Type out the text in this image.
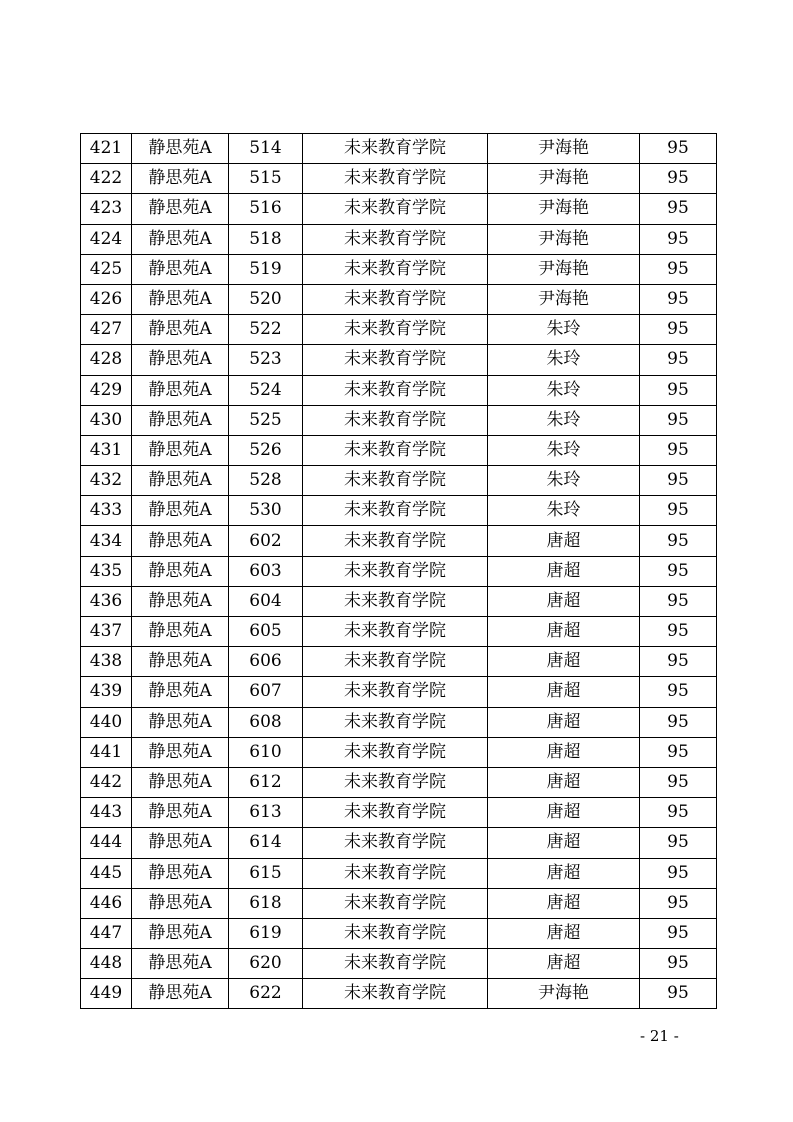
421	静思苑A	514	未来教育学院	尹海艳	95
422	静思苑A	515	未来教育学院	尹海艳	95
423	静思苑A	516	未来教育学院	尹海艳	95
424	静思苑A	518	未来教育学院	尹海艳	95
425	静思苑A	519	未来教育学院	尹海艳	95
426	静思苑A	520	未来教育学院	尹海艳	95
427	静思苑A	522	未来教育学院	朱玲	95
428	静思苑A	523	未来教育学院	朱玲	95
429	静思苑A	524	未来教育学院	朱玲	95
430	静思苑A	525	未来教育学院	朱玲	95
431	静思苑A	526	未来教育学院	朱玲	95
432	静思苑A	528	未来教育学院	朱玲	95
433	静思苑A	530	未来教育学院	朱玲	95
434	静思苑A	602	未来教育学院	唐超	95
435	静思苑A	603	未来教育学院	唐超	95
436	静思苑A	604	未来教育学院	唐超	95
437	静思苑A	605	未来教育学院	唐超	95
438	静思苑A	606	未来教育学院	唐超	95
439	静思苑A	607	未来教育学院	唐超	95
440	静思苑A	608	未来教育学院	唐超	95
441	静思苑A	610	未来教育学院	唐超	95
442	静思苑A	612	未来教育学院	唐超	95
443	静思苑A	613	未来教育学院	唐超	95
444	静思苑A	614	未来教育学院	唐超	95
445	静思苑A	615	未来教育学院	唐超	95
446	静思苑A	618	未来教育学院	唐超	95
447	静思苑A	619	未来教育学院	唐超	95
448	静思苑A	620	未来教育学院	唐超	95
449	静思苑A	622	未来教育学院	尹海艳	95
- 21 -
